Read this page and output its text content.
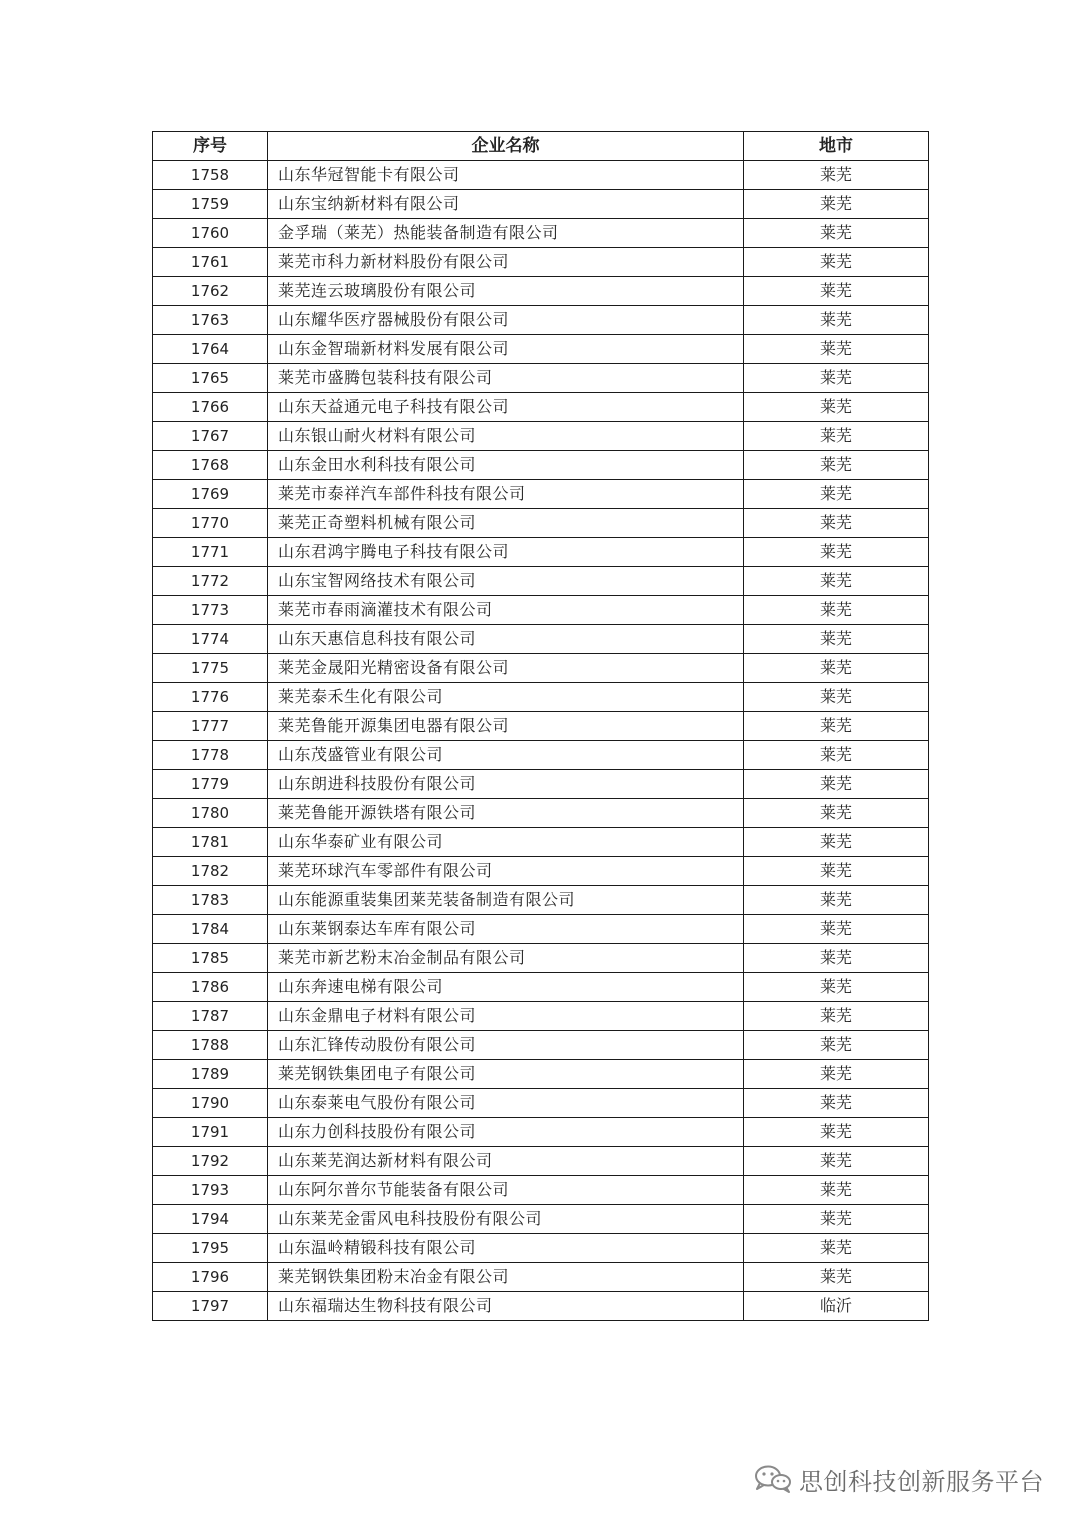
序号	企业名称	地市
1758	山东华冠智能卡有限公司	莱芜
1759	山东宝纳新材料有限公司	莱芜
1760	金孚瑞（莱芜）热能装备制造有限公司	莱芜
1761	莱芜市科力新材料股份有限公司	莱芜
1762	莱芜连云玻璃股份有限公司	莱芜
1763	山东耀华医疗器械股份有限公司	莱芜
1764	山东金智瑞新材料发展有限公司	莱芜
1765	莱芜市盛腾包装科技有限公司	莱芜
1766	山东天益通元电子科技有限公司	莱芜
1767	山东银山耐火材料有限公司	莱芜
1768	山东金田水利科技有限公司	莱芜
1769	莱芜市泰祥汽车部件科技有限公司	莱芜
1770	莱芜正奇塑料机械有限公司	莱芜
1771	山东君鸿宇腾电子科技有限公司	莱芜
1772	山东宝智网络技术有限公司	莱芜
1773	莱芜市春雨滴灌技术有限公司	莱芜
1774	山东天惠信息科技有限公司	莱芜
1775	莱芜金晟阳光精密设备有限公司	莱芜
1776	莱芜泰禾生化有限公司	莱芜
1777	莱芜鲁能开源集团电器有限公司	莱芜
1778	山东茂盛管业有限公司	莱芜
1779	山东朗进科技股份有限公司	莱芜
1780	莱芜鲁能开源铁塔有限公司	莱芜
1781	山东华泰矿业有限公司	莱芜
1782	莱芜环球汽车零部件有限公司	莱芜
1783	山东能源重装集团莱芜装备制造有限公司	莱芜
1784	山东莱钢泰达车库有限公司	莱芜
1785	莱芜市新艺粉末冶金制品有限公司	莱芜
1786	山东奔速电梯有限公司	莱芜
1787	山东金鼎电子材料有限公司	莱芜
1788	山东汇锋传动股份有限公司	莱芜
1789	莱芜钢铁集团电子有限公司	莱芜
1790	山东泰莱电气股份有限公司	莱芜
1791	山东力创科技股份有限公司	莱芜
1792	山东莱芜润达新材料有限公司	莱芜
1793	山东阿尔普尔节能装备有限公司	莱芜
1794	山东莱芜金雷风电科技股份有限公司	莱芜
1795	山东温岭精锻科技有限公司	莱芜
1796	莱芜钢铁集团粉末冶金有限公司	莱芜
1797	山东福瑞达生物科技有限公司	临沂
思创科技创新服务平台
